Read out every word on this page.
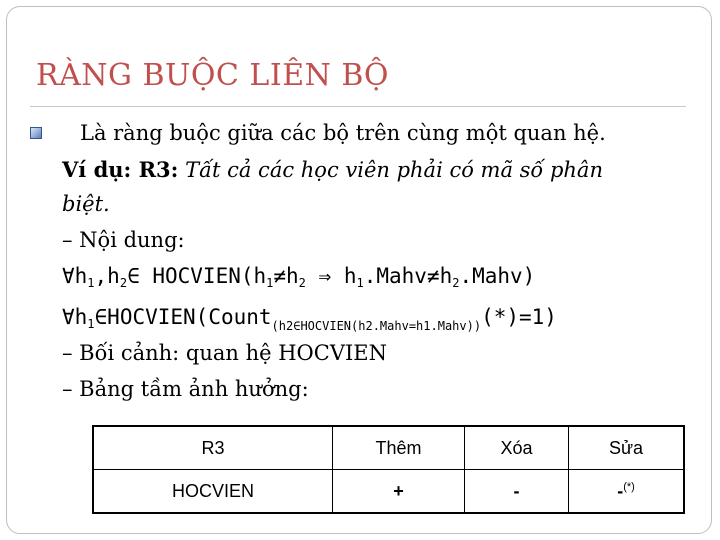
RÀNG BUỘC LIÊN BỘ
Là ràng buộc giữa các bộ trên cùng một quan hệ.
Ví dụ: R3: Tất cả các học viên phải có mã số phân
biệt.
– Nội dung:
$\forall h_1,h_2\in$ $HOCVIEN(h_1\ne h_2$ ⇒ $h_1.Mahv\ne h_2.Mahv$)
$\forall h_1\in HOCVIEN(Count_{(h2\in HOCVIEN(h2.Mahv=h1.Mahv))}(*)=1)$
– Bối cảnh: quan hệ HOCVIEN
– Bảng tầm ảnh hưởng:
R3	Thêm	Xóa	Sửa
HOCVIEN	+	-	-(*)
